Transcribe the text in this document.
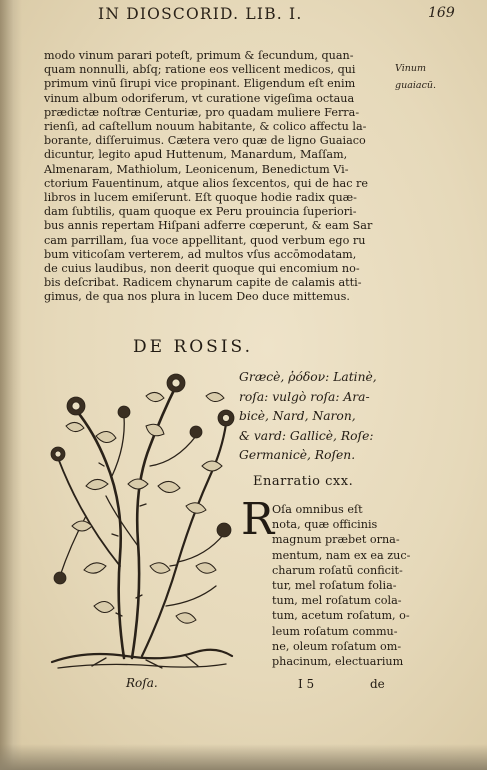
IN DIOSCORID. LIB. I.	169
Vinum
guaiacū.
modo vinum parari poteſt, primum & ſecundum, quan-
quam nonnulli, abſq; ratione eos vellicent medicos, qui
primum vinū ſirupi vice propinant. Eligendum eſt enim
vinum album odoriferum, vt curatione vigeſima octaua
prædictæ noſtræ Centuriæ, pro quadam muliere Ferra-
rienſi, ad caſtellum nouum habitante, & colico affectu la-
borante, diſſeruimus. Cætera vero quæ de ligno Guaiaco
dicuntur, legito apud Huttenum, Manardum, Maſſam,
Almenaram, Mathiolum, Leonicenum, Benedictum Vi-
ctorium Fauentinum, atque alios ſexcentos, qui de hac re
libros in lucem emiſerunt. Eſt quoque hodie radix quæ-
dam ſubtilis, quam quoque ex Peru prouincia ſuperiori-
bus annis repertam Hiſpani adferre cœperunt, & eam Sar
cam parrillam, ſua voce appellitant, quod verbum ego ru
bum viticoſam verterem, ad multos vſus accōmodatam,
de cuius laudibus, non deerit quoque qui encomium no-
bis deſcribat. Radicem chynarum capite de calamis atti-
gimus, de qua nos plura in lucem Deo duce mittemus.
DE ROSIS.
Græcè, ῥόδον: Latinè,
roſa: vulgò roſa: Ara-
bicè, Nard, Naron,
& vard: Gallicè, Roſe:
Germanicè, Roſen.
Enarratio cxx.
R
Oſa omnibus eſt
nota, quæ officinis
magnum præbet orna-
mentum, nam ex ea zuc-
charum roſatū conficit-
tur, mel roſatum folia-
tum, mel roſatum cola-
tum, acetum roſatum, o-
leum roſatum commu-
ne, oleum roſatum om-
phacinum, electuarium
Roſa.	I 5	de
